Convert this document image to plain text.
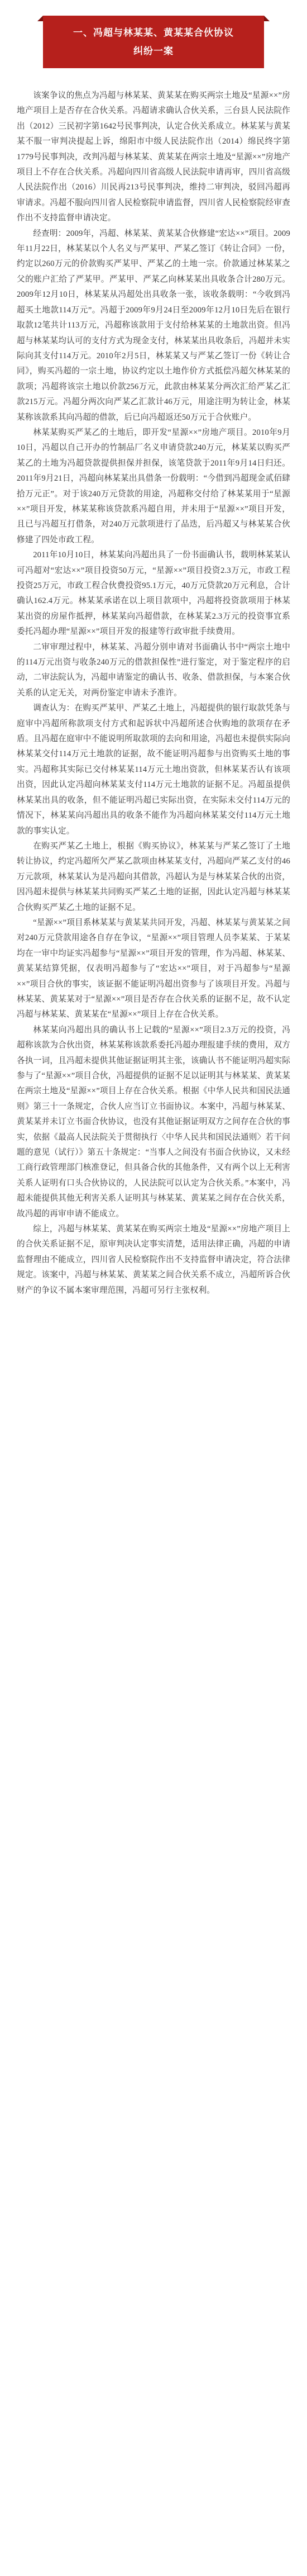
一、冯超与林某某、黄某某合伙协议
纠纷一案

该案争议的焦点为冯超与林某某、黄某某在购买两宗土地及“星源××”房地产项目上是否存在合伙关系。冯超请求确认合伙关系，三台县人民法院作出（2012）三民初字第1642号民事判决，认定合伙关系成立。林某某与黄某某不服一审判决提起上诉，绵阳市中级人民法院作出（2014）绵民终字第1779号民事判决，改判冯超与林某某、黄某某在两宗土地及“星源××”房地产项目上不存在合伙关系。冯超向四川省高级人民法院申请再审，四川省高级人民法院作出（2016）川民再213号民事判决，维持二审判决，驳回冯超再审请求。冯超不服向四川省人民检察院申请监督，四川省人民检察院经审查作出不支持监督申请决定。

经查明：2009年，冯超、林某某、黄某某合伙修建“宏达××”项目。2009年11月22日，林某某以个人名义与严某甲、严某乙签订《转让合同》一份，约定以260万元的价款购买严某甲、严某乙的土地一宗。价款通过林某某之父的账户汇给了严某甲。严某甲、严某乙向林某某出具收条合计280万元。2009年12月10日，林某某从冯超处出具收条一张，该收条载明：“今收到冯超买土地款114万元”。冯超于2009年9月24日至2009年12月10日先后在银行取款12笔共计113万元，冯超称该款用于支付给林某某的土地款出资。但冯超与林某某均认可的支付方式为现金支付，林某某出具收条后，冯超并未实际向其支付114万元。2010年2月5日，林某某又与严某乙签订一份《转让合同》，购买冯超的一宗土地，协议约定以土地作价方式抵偿冯超欠林某某的款项；冯超将该宗土地以价款256万元，此款由林某某分两次汇给严某乙汇款215万元。冯超分两次向严某乙汇款计46万元，用途注明为转让金，林某某称该款系其向冯超的借款，后已向冯超返还50万元于合伙账户。

林某某购买严某乙的土地后，即开发“星源××”房地产项目。2010年9月10日，冯超以自己开办的竹制品厂名义申请贷款240万元，林某某以购买严某乙的土地为冯超贷款提供担保并担保，该笔贷款于2011年9月14日归还。2011年9月21日，冯超向林某某出具借条一份载明：“今借到冯超现金贰佰肆拾万元正”。对于该240万元贷款的用途，冯超称交付给了林某某用于“星源××”项目开发，林某某称该贷款系冯超自用，并未用于“星源××”项目开发，且已与冯超互打借条，对240万元款项进行了品迭，后冯超又与林某某合伙修建了四处市政工程。

2011年10月10日，林某某向冯超出具了一份书面确认书，载明林某某认可冯超对“宏达××”项目投资50万元，“星源××”项目投资2.3万元，市政工程投资25万元，市政工程合伙费投资95.1万元，40万元贷款20万元利息，合计确认162.4万元。林某某承诺在以上项目款项中，冯超将投资款项用于林某某出资的房屋作抵押，林某某向冯超借款，在林某某2.3万元的投资事宜系委托冯超办理“星源××”项目开发的报建等行政审批手续费用。

二审审理过程中，林某某、冯超分别申请对书面确认书中“两宗土地中的114万元出资与收条240万元的借款担保性”进行鉴定，对于鉴定程序的启动，二审法院认为，冯超申请鉴定的确认书、收条、借款担保，与本案合伙关系的认定无关，对两份鉴定申请未予准许。

调查认为：在购买严某甲、严某乙土地上，冯超提供的银行取款凭条与庭审中冯超所称款项支付方式和起诉状中冯超所述合伙购地的款项存在矛盾。且冯超在庭审中不能说明所取款项的去向和用途，冯超也未提供实际向林某某交付114万元土地款的证据，故不能证明冯超参与出资购买土地的事实。冯超称其实际已交付林某某114万元土地出资款，但林某某否认有该项出资，因此认定冯超向林某某支付114万元土地款的证据不足。冯超虽提供林某某出具的收条，但不能证明冯超已实际出资，在实际未交付114万元的情况下，林某某向冯超出具的收条不能作为冯超向林某某交付114万元土地款的事实认定。

在购买严某乙土地上，根据《购买协议》，林某某与严某乙签订了土地转让协议，约定冯超所欠严某乙款项由林某某支付，冯超向严某乙支付的46万元款项，林某某认为是冯超向其借款，冯超认为是与林某某合伙的出资，因冯超未提供与林某某共同购买严某乙土地的证据，因此认定冯超与林某某合伙购买严某乙土地的证据不足。

“星源××”项目系林某某与黄某某共同开发，冯超、林某某与黄某某之间对240万元贷款用途各自存在争议，“星源××”项目管理人员李某某、于某某均在一审中均证实冯超参与“星源××”项目开发的管理，作为冯超、林某某、黄某某结算凭据，仅表明冯超参与了“宏达××”项目，对于冯超参与“星源××”项目合伙的事实，该证据不能证明冯超出资参与了该项目开发。冯超与林某某、黄某某对于“星源××”项目是否存在合伙关系的证据不足，故不认定冯超与林某某、黄某某在“星源××”项目上存在合伙关系。

林某某向冯超出具的确认书上记载的“星源××”项目2.3万元的投资，冯超称该款为合伙出资，林某某称该款系委托冯超办理报建手续的费用，双方各执一词，且冯超未提供其他证据证明其主张，该确认书不能证明冯超实际参与了“星源××”项目合伙，冯超提供的证据不足以证明其与林某某、黄某某在两宗土地及“星源××”项目上存在合伙关系。根据《中华人民共和国民法通则》第三十一条规定，合伙人应当订立书面协议。本案中，冯超与林某某、黄某某并未订立书面合伙协议，也没有其他证据证明双方之间存在合伙的事实，依据《最高人民法院关于贯彻执行〈中华人民共和国民法通则〉若干问题的意见（试行）》第五十条规定：“当事人之间没有书面合伙协议，又未经工商行政管理部门核准登记，但具备合伙的其他条件，又有两个以上无利害关系人证明有口头合伙协议的，人民法院可以认定为合伙关系。”本案中，冯超未能提供其他无利害关系人证明其与林某某、黄某某之间存在合伙关系，故冯超的再审申请不能成立。

综上，冯超与林某某、黄某某在购买两宗土地及“星源××”房地产项目上的合伙关系证据不足，原审判决认定事实清楚，适用法律正确，冯超的申请监督理由不能成立，四川省人民检察院作出不支持监督申请决定，符合法律规定。该案中，冯超与林某某、黄某某之间合伙关系不成立，冯超所诉合伙财产的争议不属本案审理范围，冯超可另行主张权利。
